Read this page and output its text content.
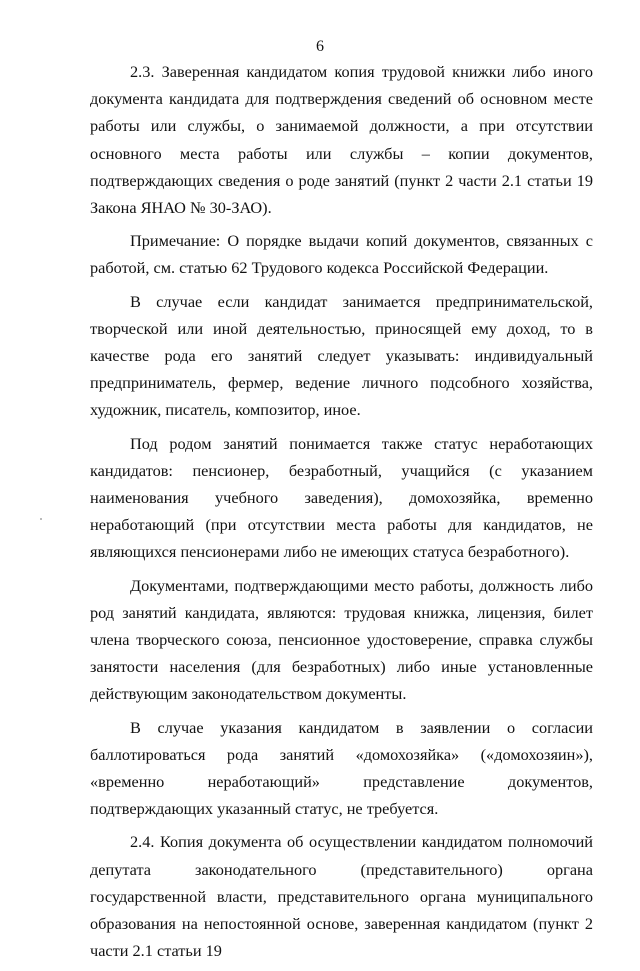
6

2.3. Заверенная кандидатом копия трудовой книжки либо иного документа кандидата для подтверждения сведений об основном месте работы или службы, о занимаемой должности, а при отсутствии основного места работы или службы – копии документов, подтверждающих сведения о роде занятий (пункт 2 части 2.1 статьи 19 Закона ЯНАО № 30-ЗАО).

Примечание: О порядке выдачи копий документов, связанных с работой, см. статью 62 Трудового кодекса Российской Федерации.

В случае если кандидат занимается предпринимательской, творческой или иной деятельностью, приносящей ему доход, то в качестве рода его занятий следует указывать: индивидуальный предприниматель, фермер, ведение личного подсобного хозяйства, художник, писатель, композитор, иное.

Под родом занятий понимается также статус неработающих кандидатов: пенсионер, безработный, учащийся (с указанием наименования учебного заведения), домохозяйка, временно неработающий (при отсутствии места работы для кандидатов, не являющихся пенсионерами либо не имеющих статуса безработного).

Документами, подтверждающими место работы, должность либо род занятий кандидата, являются: трудовая книжка, лицензия, билет члена творческого союза, пенсионное удостоверение, справка службы занятости населения (для безработных) либо иные установленные действующим законодательством документы.

В случае указания кандидатом в заявлении о согласии баллотироваться рода занятий «домохозяйка» («домохозяин»), «временно неработающий» представление документов, подтверждающих указанный статус, не требуется.

2.4. Копия документа об осуществлении кандидатом полномочий депутата законодательного (представительного) органа государственной власти, представительного органа муниципального образования на непостоянной основе, заверенная кандидатом (пункт 2 части 2.1 статьи 19
